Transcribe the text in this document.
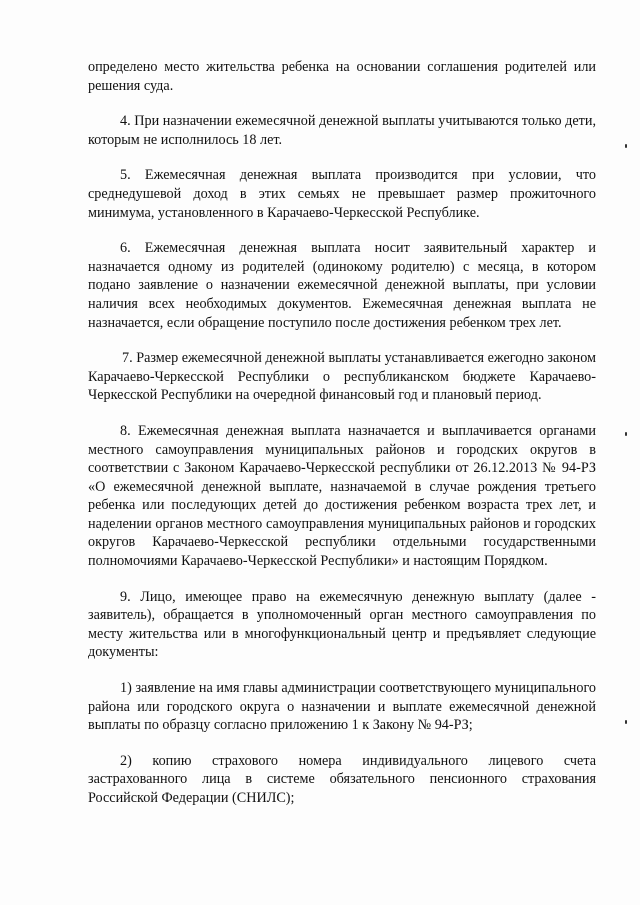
определено место жительства ребенка на основании соглашения родителей или решения суда.

4. При назначении ежемесячной денежной выплаты учитываются только дети, которым не исполнилось 18 лет.

5. Ежемесячная денежная выплата производится при условии, что среднедушевой доход в этих семьях не превышает размер прожиточного минимума, установленного в Карачаево-Черкесской Республике.

6. Ежемесячная денежная выплата носит заявительный характер и назначается одному из родителей (одинокому родителю) с месяца, в котором подано заявление о назначении ежемесячной денежной выплаты, при условии наличия всех необходимых документов. Ежемесячная денежная выплата не назначается, если обращение поступило после достижения ребенком трех лет.

7. Размер ежемесячной денежной выплаты устанавливается ежегодно законом Карачаево-Черкесской Республики о республиканском бюджете Карачаево-Черкесской Республики на очередной финансовый год и плановый период.

8. Ежемесячная денежная выплата назначается и выплачивается органами местного самоуправления муниципальных районов и городских округов в соответствии с Законом Карачаево-Черкесской республики от 26.12.2013 № 94-РЗ «О ежемесячной денежной выплате, назначаемой в случае рождения третьего ребенка или последующих детей до достижения ребенком возраста трех лет, и наделении органов местного самоуправления муниципальных районов и городских округов Карачаево-Черкесской республики отдельными государственными полномочиями Карачаево-Черкесской Республики» и настоящим Порядком.

9. Лицо, имеющее право на ежемесячную денежную выплату (далее - заявитель), обращается в уполномоченный орган местного самоуправления по месту жительства или в многофункциональный центр и предъявляет следующие документы:

1) заявление на имя главы администрации соответствующего муниципального района или городского округа о назначении и выплате ежемесячной денежной выплаты по образцу согласно приложению 1 к Закону № 94-РЗ;

2) копию страхового номера индивидуального лицевого счета застрахованного лица в системе обязательного пенсионного страхования Российской Федерации (СНИЛС);
